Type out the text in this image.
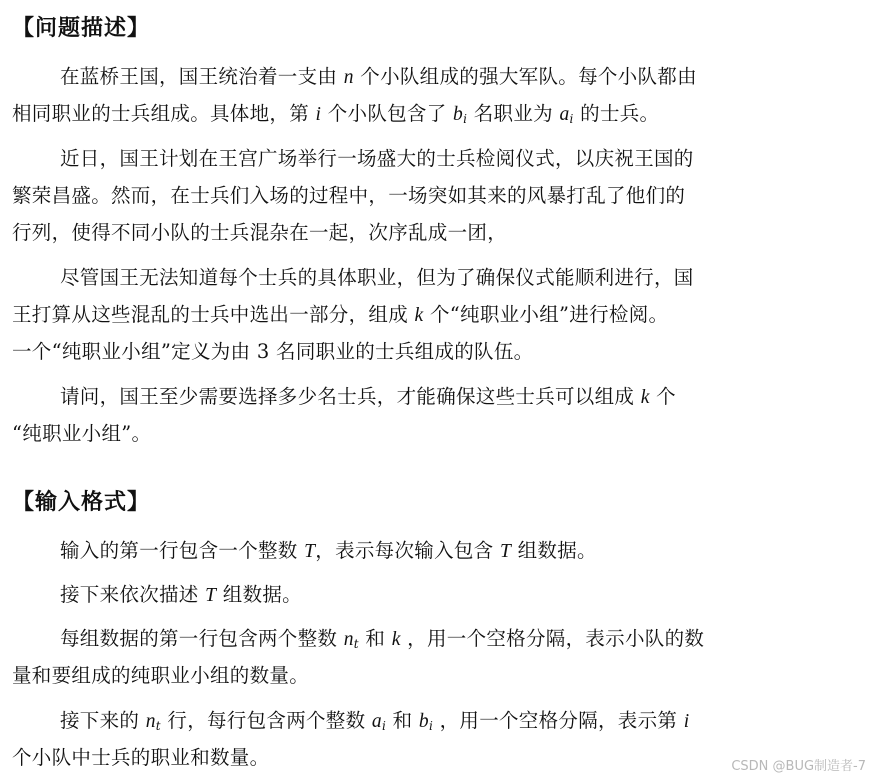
【问题描述】
在蓝桥王国，国王统治着一支由 n 个小队组成的强大军队。每个小队都由
相同职业的士兵组成。具体地，第 i 个小队包含了 $b_i$ 名职业为 $a_i$ 的士兵。
近日，国王计划在王宫广场举行一场盛大的士兵检阅仪式，以庆祝王国的
繁荣昌盛。然而，在士兵们入场的过程中，一场突如其来的风暴打乱了他们的
行列，使得不同小队的士兵混杂在一起，次序乱成一团，
尽管国王无法知道每个士兵的具体职业，但为了确保仪式能顺利进行，国
王打算从这些混乱的士兵中选出一部分，组成 k 个“纯职业小组”进行检阅。
一个“纯职业小组”定义为由 3 名同职业的士兵组成的队伍。
请问，国王至少需要选择多少名士兵，才能确保这些士兵可以组成 k 个
“纯职业小组”。
【输入格式】
输入的第一行包含一个整数 T，表示每次输入包含 T 组数据。
接下来依次描述 T 组数据。
每组数据的第一行包含两个整数 $n_t$ 和 k ，用一个空格分隔，表示小队的数
量和要组成的纯职业小组的数量。
接下来的 $n_t$ 行，每行包含两个整数 $a_i$ 和 $b_i$ ，用一个空格分隔，表示第 i
个小队中士兵的职业和数量。	CSDN @BUG制造者-7
